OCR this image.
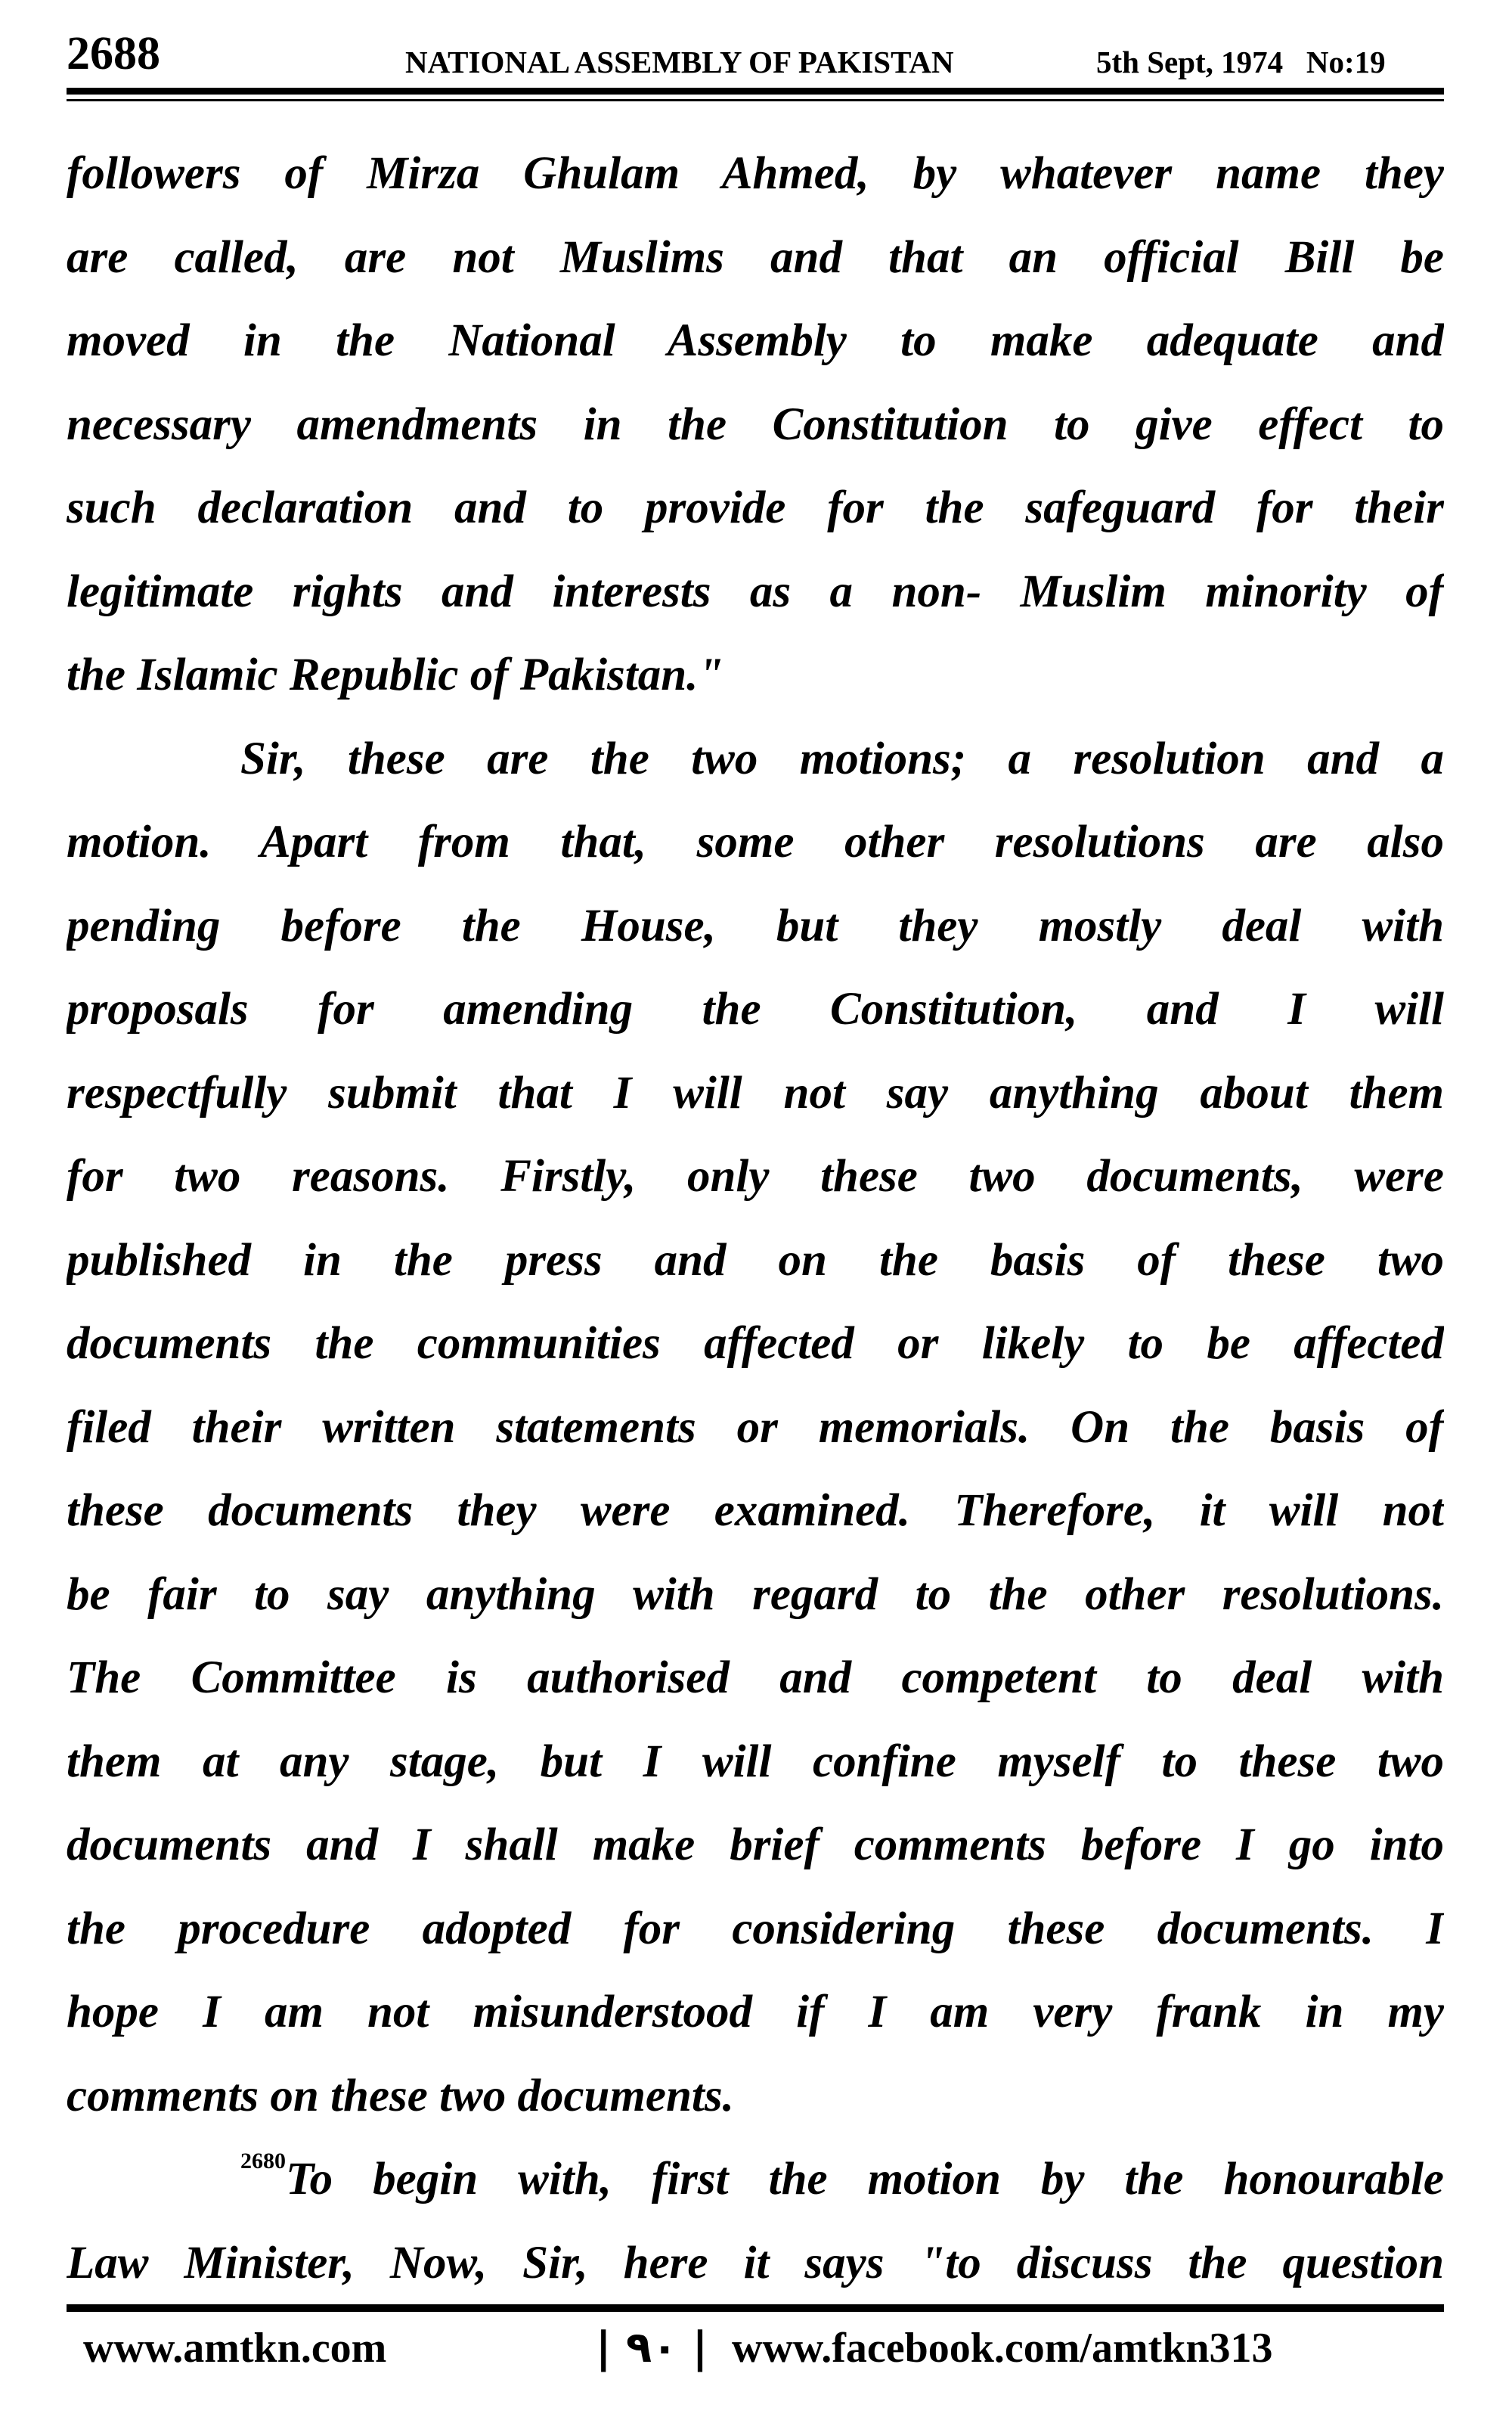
2688	NATIONAL ASSEMBLY OF PAKISTAN	5th Sept, 1974   No:19
followers of Mirza Ghulam Ahmed, by whatever name they
are called, are not Muslims and that an official Bill be
moved in the National Assembly to make adequate and
necessary amendments in the Constitution to give effect to
such declaration and to provide for the safeguard for their
legitimate rights and interests as a non- Muslim minority of
the Islamic Republic of Pakistan."
Sir, these are the two motions; a resolution and a
motion. Apart from that, some other resolutions are also
pending before the House, but they mostly deal with
proposals for amending the Constitution, and I will
respectfully submit that I will not say anything about them
for two reasons. Firstly, only these two documents, were
published in the press and on the basis of these two
documents the communities affected or likely to be affected
filed their written statements or memorials. On the basis of
these documents they were examined. Therefore, it will not
be fair to say anything with regard to the other resolutions.
The Committee is authorised and competent to deal with
them at any stage, but I will confine myself to these two
documents and I shall make brief comments before I go into
the procedure adopted for considering these documents. I
hope I am not misunderstood if I am very frank in my
comments on these two documents.
$^{2680}$To begin with, first the motion by the honourable
Law Minister, Now, Sir, here it says "to discuss the question
www.amtkn.com	| ٩٠ | www.facebook.com/amtkn313
